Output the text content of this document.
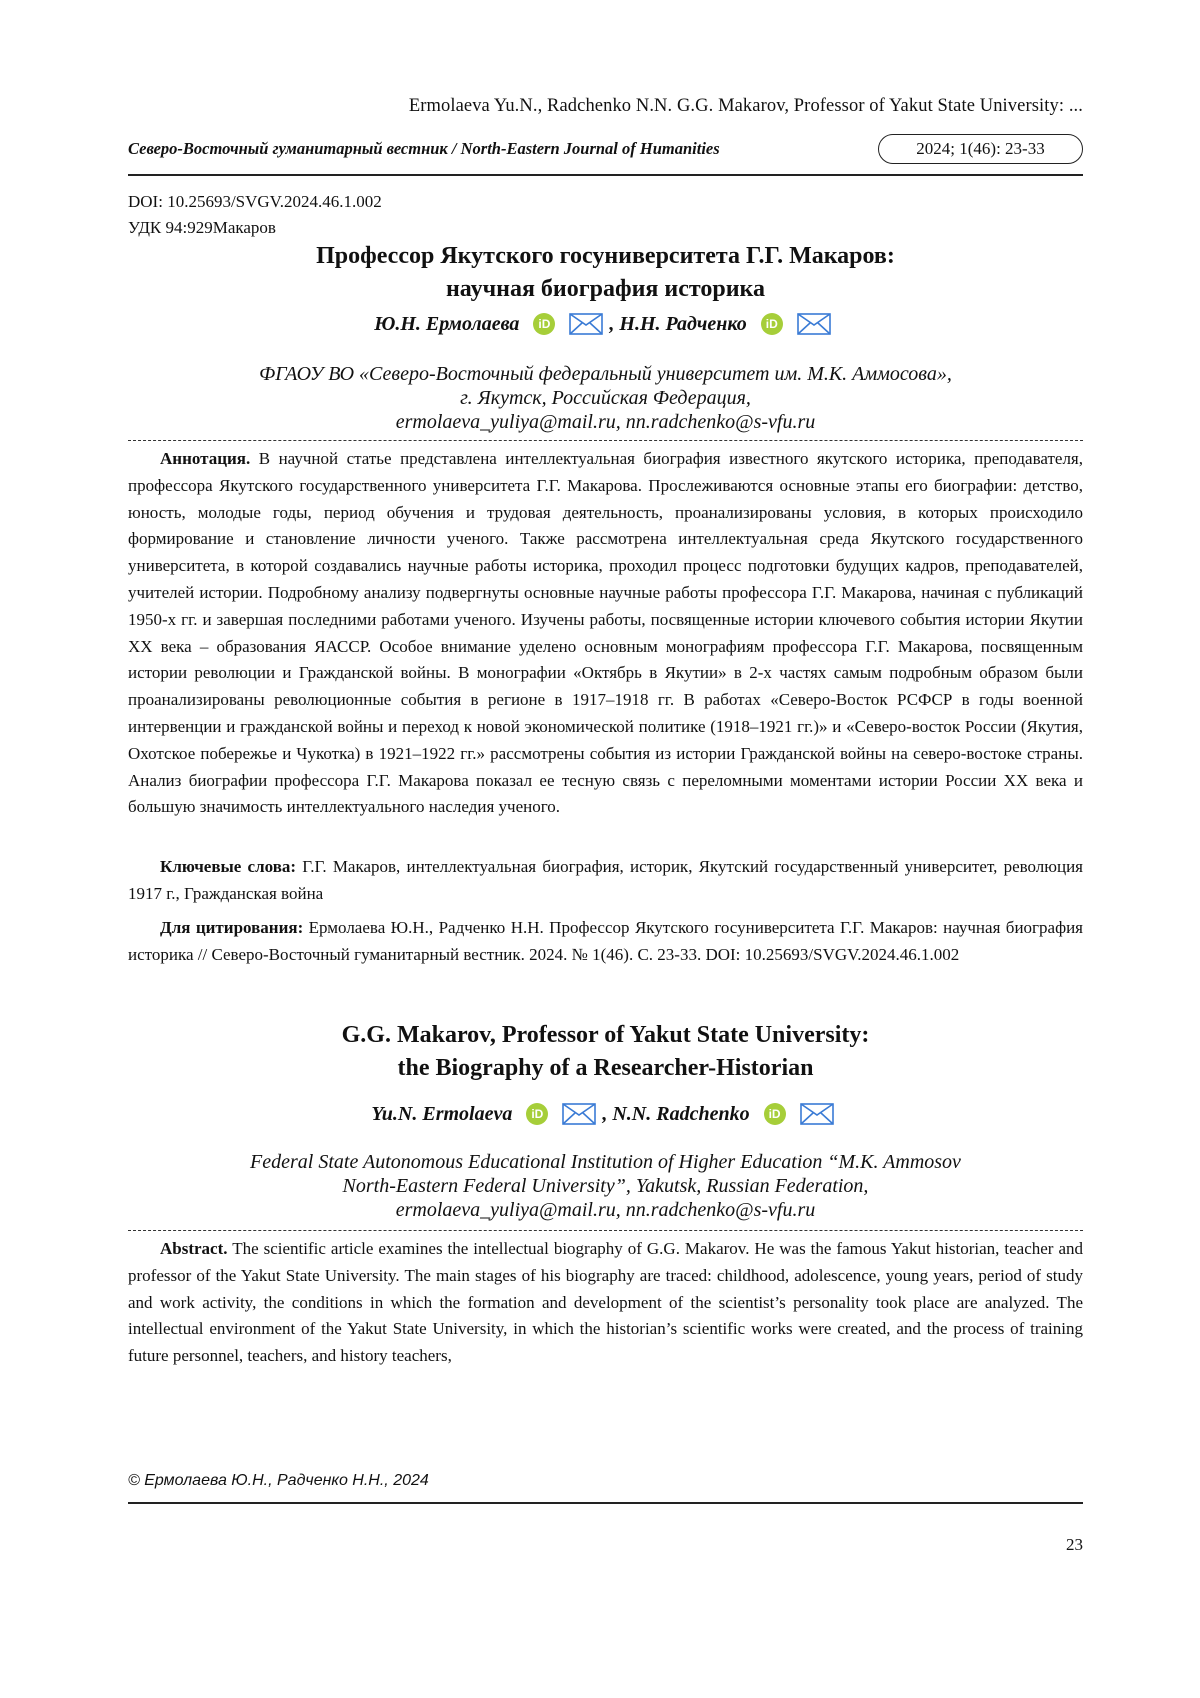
Ermolaeva Yu.N., Radchenko N.N. G.G. Makarov, Professor of Yakut State University: ...
Северо-Восточный гуманитарный вестник / North-Eastern Journal of Humanities	2024; 1(46): 23-33
DOI: 10.25693/SVGV.2024.46.1.002
УДК 94:929Макаров
Профессор Якутского госуниверситета Г.Г. Макаров:
научная биография историка
Ю.Н. Ермолаева iD	, Н.Н. Радченко iD
ФГАОУ ВО «Северо-Восточный федеральный университет им. М.К. Аммосова»,
г. Якутск, Российская Федерация,
ermolaeva_yuliya@mail.ru, nn.radchenko@s-vfu.ru
Аннотация. В научной статье представлена интеллектуальная биография известного якутского историка, преподавателя, профессора Якутского государственного университета Г.Г. Макарова. Прослеживаются основные этапы его биографии: детство, юность, молодые годы, период обучения и трудовая деятельность, проанализированы условия, в которых происходило формирование и становление личности ученого. Также рассмотрена интеллектуальная среда Якутского государственного университета, в которой создавались научные работы историка, проходил процесс подготовки будущих кадров, преподавателей, учителей истории. Подробному анализу подвергнуты основные научные работы профессора Г.Г. Макарова, начиная с публикаций 1950-х гг. и завершая последними работами ученого. Изучены работы, посвященные истории ключевого события истории Якутии XX века – образования ЯАССР. Особое внимание уделено основным монографиям профессора Г.Г. Макарова, посвященным истории революции и Гражданской войны. В монографии «Октябрь в Якутии» в 2-х частях самым подробным образом были проанализированы революционные события в регионе в 1917–1918 гг. В работах «Северо-Восток РСФСР в годы военной интервенции и гражданской войны и переход к новой экономической политике (1918–1921 гг.)» и «Северо-восток России (Якутия, Охотское побережье и Чукотка) в 1921–1922 гг.» рассмотрены события из истории Гражданской войны на северо-востоке страны. Анализ биографии профессора Г.Г. Макарова показал ее тесную связь с переломными моментами истории России XX века и большую значимость интеллектуального наследия ученого.
Ключевые слова: Г.Г. Макаров, интеллектуальная биография, историк, Якутский государственный университет, революция 1917 г., Гражданская война
Для цитирования: Ермолаева Ю.Н., Радченко Н.Н. Профессор Якутского госуниверситета Г.Г. Макаров: научная биография историка // Северо-Восточный гуманитарный вестник. 2024. № 1(46). С. 23-33. DOI: 10.25693/SVGV.2024.46.1.002
G.G. Makarov, Professor of Yakut State University:
the Biography of a Researcher-Historian
Yu.N. Ermolaeva iD	, N.N. Radchenko iD
Federal State Autonomous Educational Institution of Higher Education “M.K. Ammosov
North-Eastern Federal University”, Yakutsk, Russian Federation,
ermolaeva_yuliya@mail.ru, nn.radchenko@s-vfu.ru
Abstract. The scientific article examines the intellectual biography of G.G. Makarov. He was the famous Yakut historian, teacher and professor of the Yakut State University. The main stages of his biography are traced: childhood, adolescence, young years, period of study and work activity, the conditions in which the formation and development of the scientist’s personality took place are analyzed. The intellectual environment of the Yakut State University, in which the historian’s scientific works were created, and the process of training future personnel, teachers, and history teachers,
© Ермолаева Ю.Н., Радченко Н.Н., 2024
23
